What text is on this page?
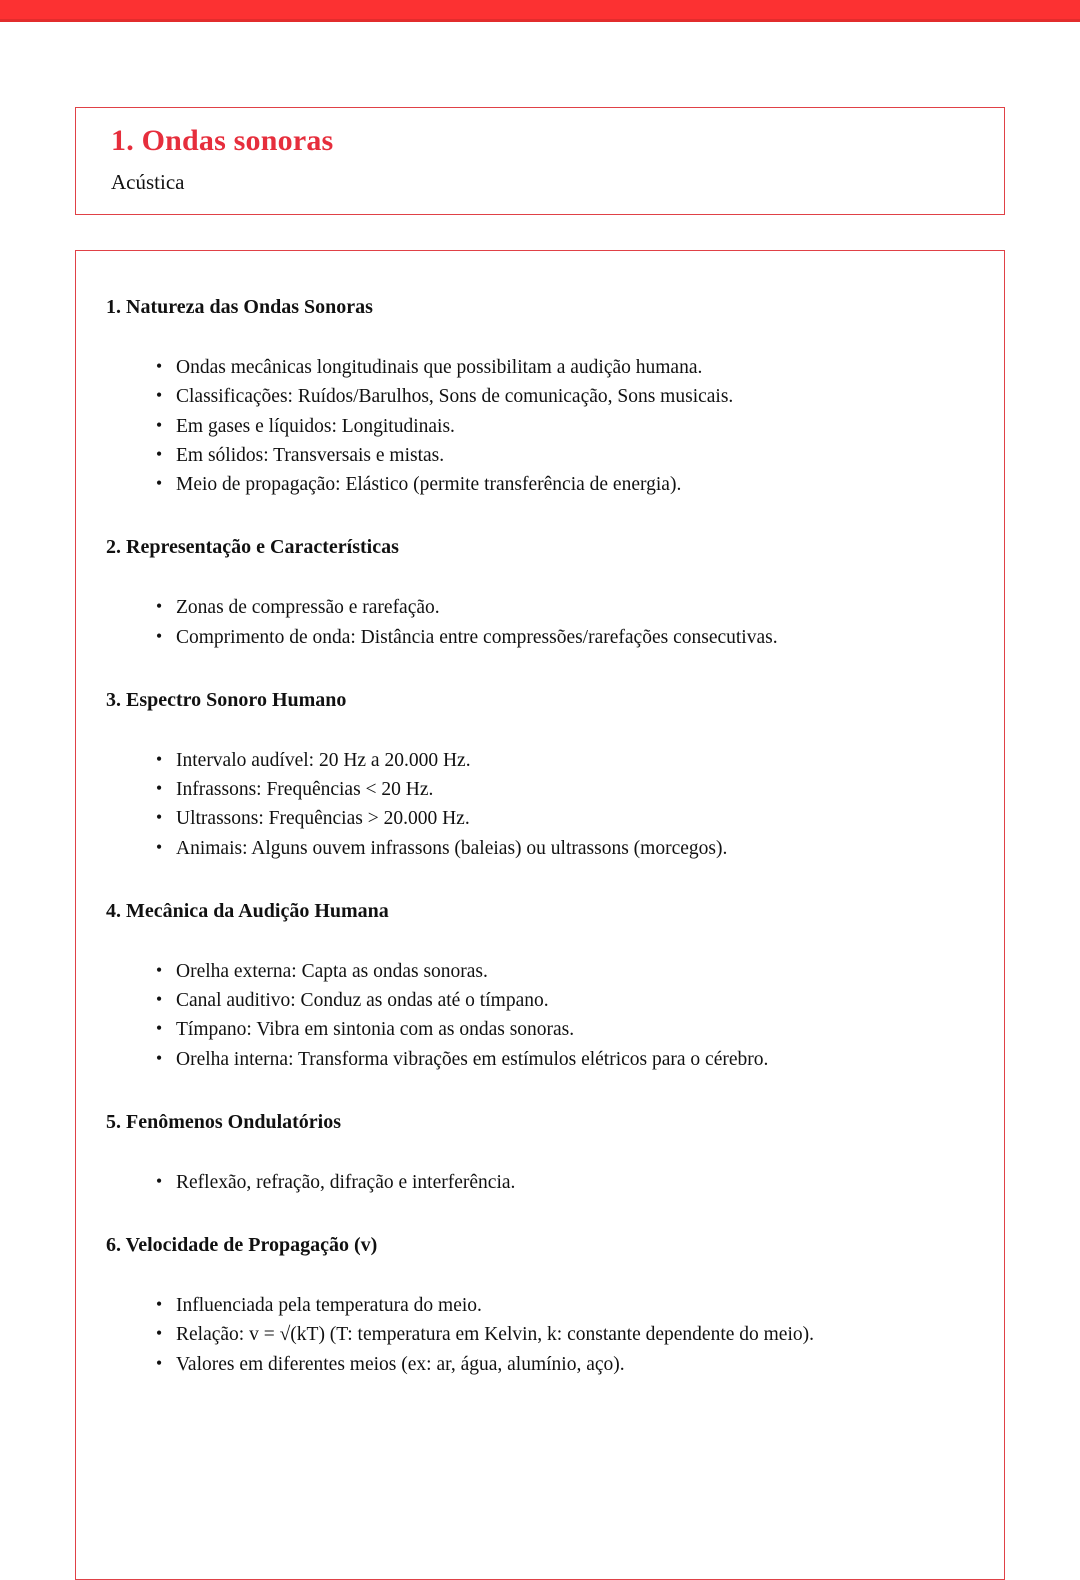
1. Ondas sonoras

Acústica

1. Natureza das Ondas Sonoras
• Ondas mecânicas longitudinais que possibilitam a audição humana.
• Classificações: Ruídos/Barulhos, Sons de comunicação, Sons musicais.
• Em gases e líquidos: Longitudinais.
• Em sólidos: Transversais e mistas.
• Meio de propagação: Elástico (permite transferência de energia).
2. Representação e Características
• Zonas de compressão e rarefação.
• Comprimento de onda: Distância entre compressões/rarefações consecutivas.
3. Espectro Sonoro Humano
• Intervalo audível: 20 Hz a 20.000 Hz.
• Infrassons: Frequências < 20 Hz.
• Ultrassons: Frequências > 20.000 Hz.
• Animais: Alguns ouvem infrassons (baleias) ou ultrassons (morcegos).
4. Mecânica da Audição Humana
• Orelha externa: Capta as ondas sonoras.
• Canal auditivo: Conduz as ondas até o tímpano.
• Tímpano: Vibra em sintonia com as ondas sonoras.
• Orelha interna: Transforma vibrações em estímulos elétricos para o cérebro.
5. Fenômenos Ondulatórios
• Reflexão, refração, difração e interferência.
6. Velocidade de Propagação (v)
• Influenciada pela temperatura do meio.
• Relação: v = √(kT) (T: temperatura em Kelvin, k: constante dependente do meio).
• Valores em diferentes meios (ex: ar, água, alumínio, aço).
